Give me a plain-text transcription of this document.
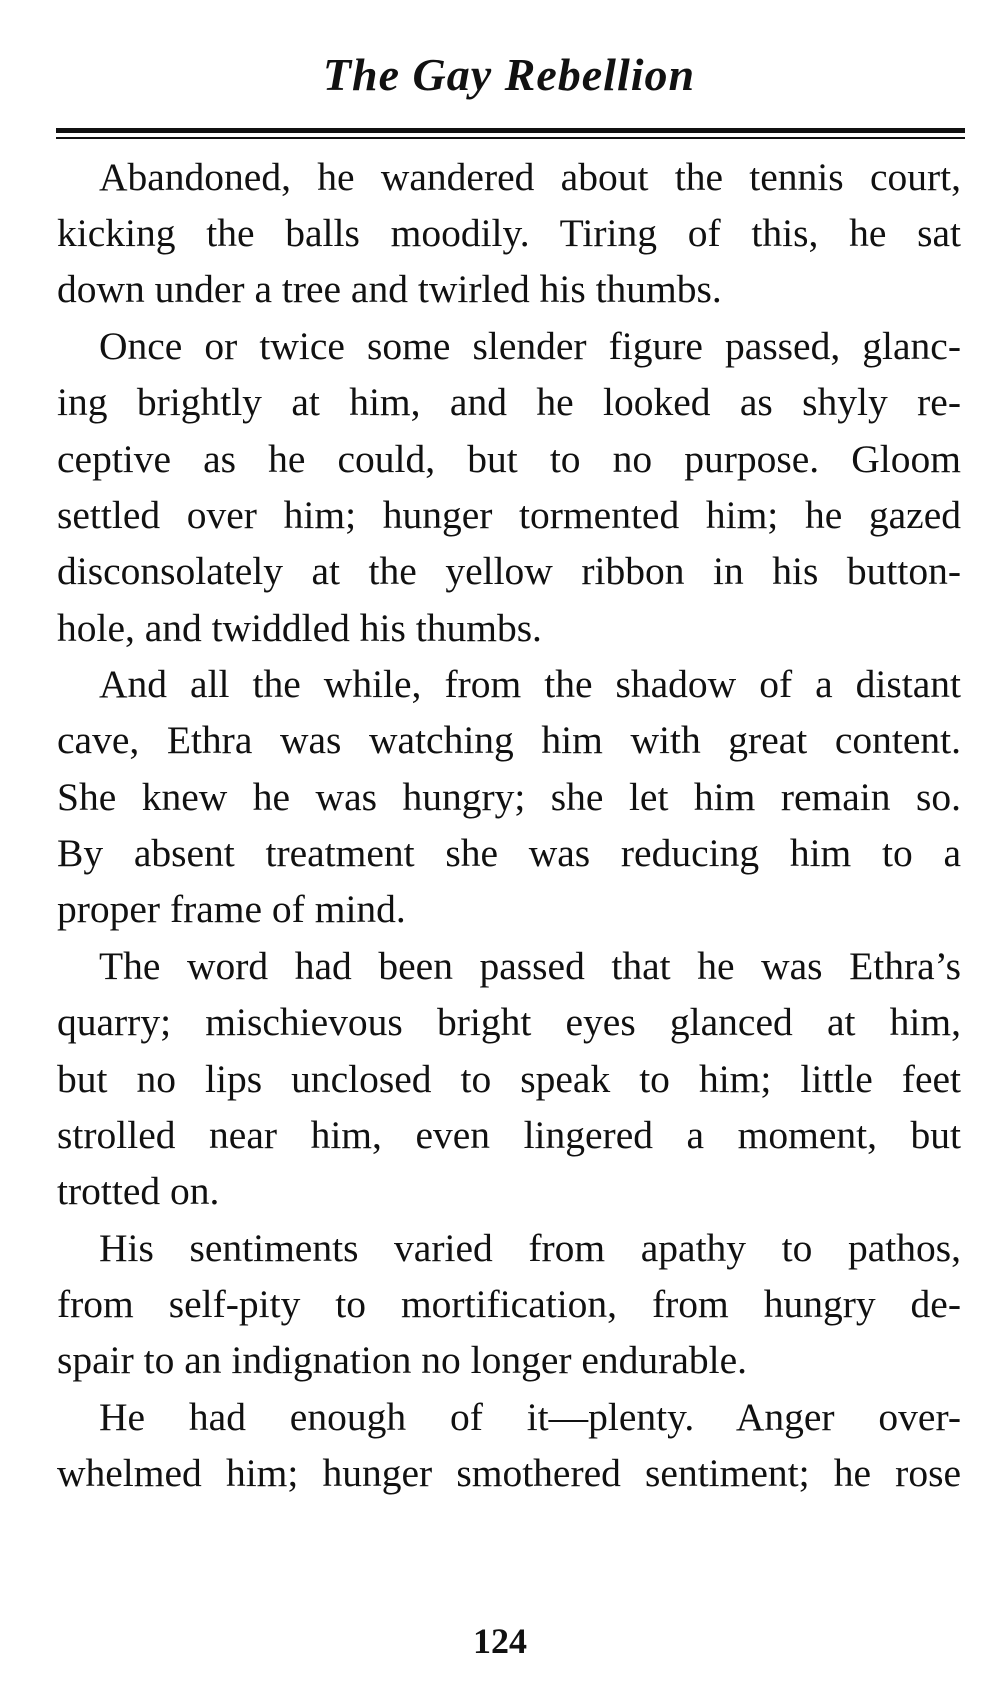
The Gay Rebellion
Abandoned, he wandered about the tennis court,
kicking the balls moodily. Tiring of this, he sat
down under a tree and twirled his thumbs.
Once or twice some slender figure passed, glanc-
ing brightly at him, and he looked as shyly re-
ceptive as he could, but to no purpose. Gloom
settled over him; hunger tormented him; he gazed
disconsolately at the yellow ribbon in his button-
hole, and twiddled his thumbs.
And all the while, from the shadow of a distant
cave, Ethra was watching him with great content.
She knew he was hungry; she let him remain so.
By absent treatment she was reducing him to a
proper frame of mind.
The word had been passed that he was Ethra’s
quarry; mischievous bright eyes glanced at him,
but no lips unclosed to speak to him; little feet
strolled near him, even lingered a moment, but
trotted on.
His sentiments varied from apathy to pathos,
from self-pity to mortification, from hungry de-
spair to an indignation no longer endurable.
He had enough of it—plenty. Anger over-
whelmed him; hunger smothered sentiment; he rose
124
